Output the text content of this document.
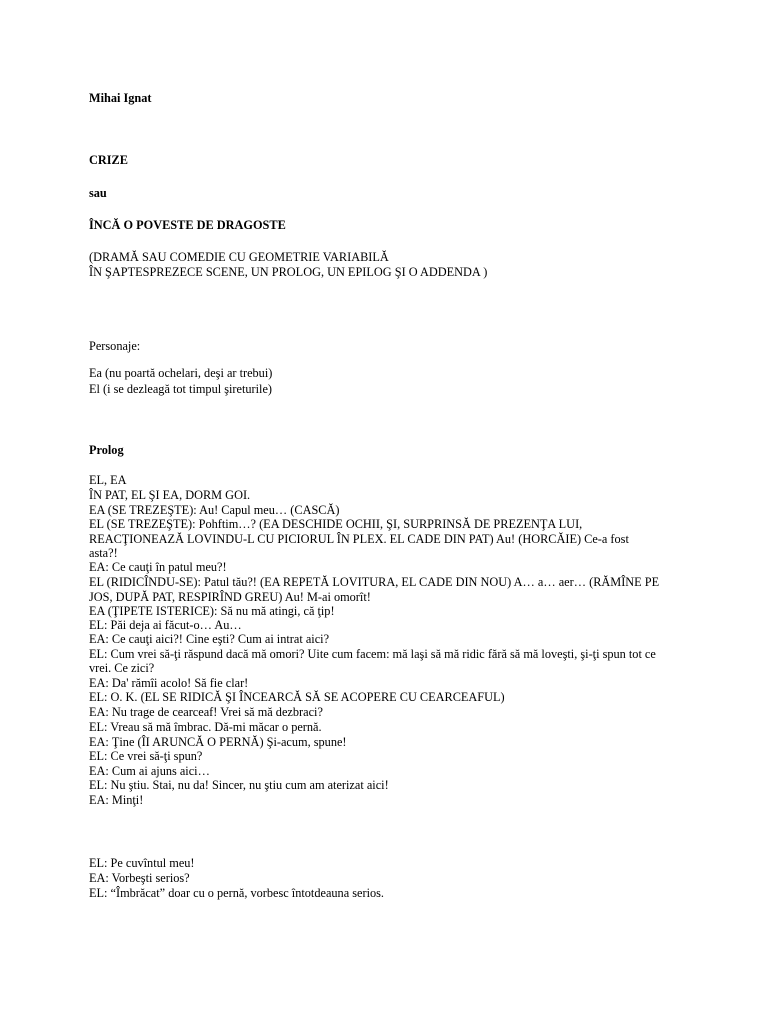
Mihai Ignat
CRIZE
sau
ÎNCĂ O POVESTE DE DRAGOSTE
(DRAMĂ SAU COMEDIE CU GEOMETRIE VARIABILĂ
ÎN ŞAPTESPREZECE SCENE, UN PROLOG, UN EPILOG ŞI O ADDENDA )
Personaje:
Ea (nu poartă ochelari, deşi ar trebui)
El (i se dezleagă tot timpul şireturile)
Prolog
EL, EA
ÎN PAT, EL ŞI EA, DORM GOI.
EA (SE TREZEŞTE): Au! Capul meu… (CASCĂ)
EL (SE TREZEŞTE): Pohftim…? (EA DESCHIDE OCHII, ŞI, SURPRINSĂ DE PREZENŢA LUI,
REACŢIONEAZĂ LOVINDU-L CU PICIORUL ÎN PLEX. EL CADE DIN PAT) Au! (HORCĂIE) Ce-a fost
asta?!
EA: Ce cauţi în patul meu?!
EL (RIDICÎNDU-SE): Patul tău?! (EA REPETĂ LOVITURA, EL CADE DIN NOU) A… a… aer… (RĂMÎNE PE
JOS, DUPĂ PAT, RESPIRÎND GREU) Au! M-ai omorît!
EA (ŢIPETE ISTERICE): Să nu mă atingi, că ţip!
EL: Păi deja ai făcut-o… Au…
EA: Ce cauţi aici?! Cine eşti? Cum ai intrat aici?
EL: Cum vrei să-ţi răspund dacă mă omori? Uite cum facem: mă laşi să mă ridic fără să mă loveşti, şi-ţi spun tot ce
vrei. Ce zici?
EA: Da' rămîi acolo! Să fie clar!
EL: O. K. (EL SE RIDICĂ ŞI ÎNCEARCĂ SĂ SE ACOPERE CU CEARCEAFUL)
EA: Nu trage de cearceaf! Vrei să mă dezbraci?
EL: Vreau să mă îmbrac. Dă-mi măcar o pernă.
EA: Ţine (ÎI ARUNCĂ O PERNĂ) Şi-acum, spune!
EL: Ce vrei să-ţi spun?
EA: Cum ai ajuns aici…
EL: Nu ştiu. Stai, nu da! Sincer, nu ştiu cum am aterizat aici!
EA: Minţi!
EL: Pe cuvîntul meu!
EA: Vorbeşti serios?
EL: “Îmbrăcat” doar cu o pernă, vorbesc întotdeauna serios.
